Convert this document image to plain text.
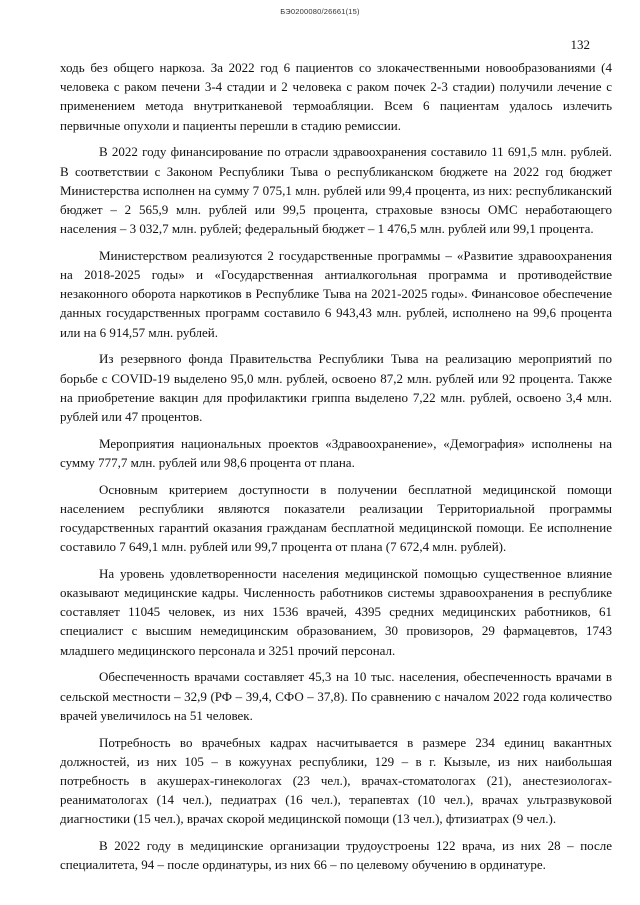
БЭ0200080/26661(15)
132

ходь без общего наркоза. За 2022 год 6 пациентов со злокачественными новообразованиями (4 человека с раком печени 3-4 стадии и 2 человека с раком почек 2-3 стадии) получили лечение с применением метода внутритканевой термоабляции. Всем 6 пациентам удалось излечить первичные опухоли и пациенты перешли в стадию ремиссии.

В 2022 году финансирование по отрасли здравоохранения составило 11 691,5 млн. рублей. В соответствии с Законом Республики Тыва о республиканском бюджете на 2022 год бюджет Министерства исполнен на сумму 7 075,1 млн. рублей или 99,4 процента, из них: республиканский бюджет – 2 565,9 млн. рублей или 99,5 процента, страховые взносы ОМС неработающего населения – 3 032,7 млн. рублей; федеральный бюджет – 1 476,5 млн. рублей или 99,1 процента.

Министерством реализуются 2 государственные программы – «Развитие здравоохранения на 2018-2025 годы» и «Государственная антиалкогольная программа и противодействие незаконного оборота наркотиков в Республике Тыва на 2021-2025 годы». Финансовое обеспечение данных государственных программ составило 6 943,43 млн. рублей, исполнено на 99,6 процента или на 6 914,57 млн. рублей.

Из резервного фонда Правительства Республики Тыва на реализацию мероприятий по борьбе с COVID-19 выделено 95,0 млн. рублей, освоено 87,2 млн. рублей или 92 процента. Также на приобретение вакцин для профилактики гриппа выделено 7,22 млн. рублей, освоено 3,4 млн. рублей или 47 процентов.

Мероприятия национальных проектов «Здравоохранение», «Демография» исполнены на сумму 777,7 млн. рублей или 98,6 процента от плана.

Основным критерием доступности в получении бесплатной медицинской помощи населением республики являются показатели реализации Территориальной программы государственных гарантий оказания гражданам бесплатной медицинской помощи. Ее исполнение составило 7 649,1 млн. рублей или 99,7 процента от плана (7 672,4 млн. рублей).

На уровень удовлетворенности населения медицинской помощью существенное влияние оказывают медицинские кадры. Численность работников системы здравоохранения в республике составляет 11045 человек, из них 1536 врачей, 4395 средних медицинских работников, 61 специалист с высшим немедицинским образованием, 30 провизоров, 29 фармацевтов, 1743 младшего медицинского персонала и 3251 прочий персонал.

Обеспеченность врачами составляет 45,3 на 10 тыс. населения, обеспеченность врачами в сельской местности – 32,9 (РФ – 39,4, СФО – 37,8). По сравнению с началом 2022 года количество врачей увеличилось на 51 человек.

Потребность во врачебных кадрах насчитывается в размере 234 единиц вакантных должностей, из них 105 – в кожуунах республики, 129 – в г. Кызыле, из них наибольшая потребность в акушерах-гинекологах (23 чел.), врачах-стоматологах (21), анестезиологах-реаниматологах (14 чел.), педиатрах (16 чел.), терапевтах (10 чел.), врачах ультразвуковой диагностики (15 чел.), врачах скорой медицинской помощи (13 чел.), фтизиатрах (9 чел.).

В 2022 году в медицинские организации трудоустроены 122 врача, из них 28 – после специалитета, 94 – после ординатуры, из них 66 – по целевому обучению в ординатуре.
